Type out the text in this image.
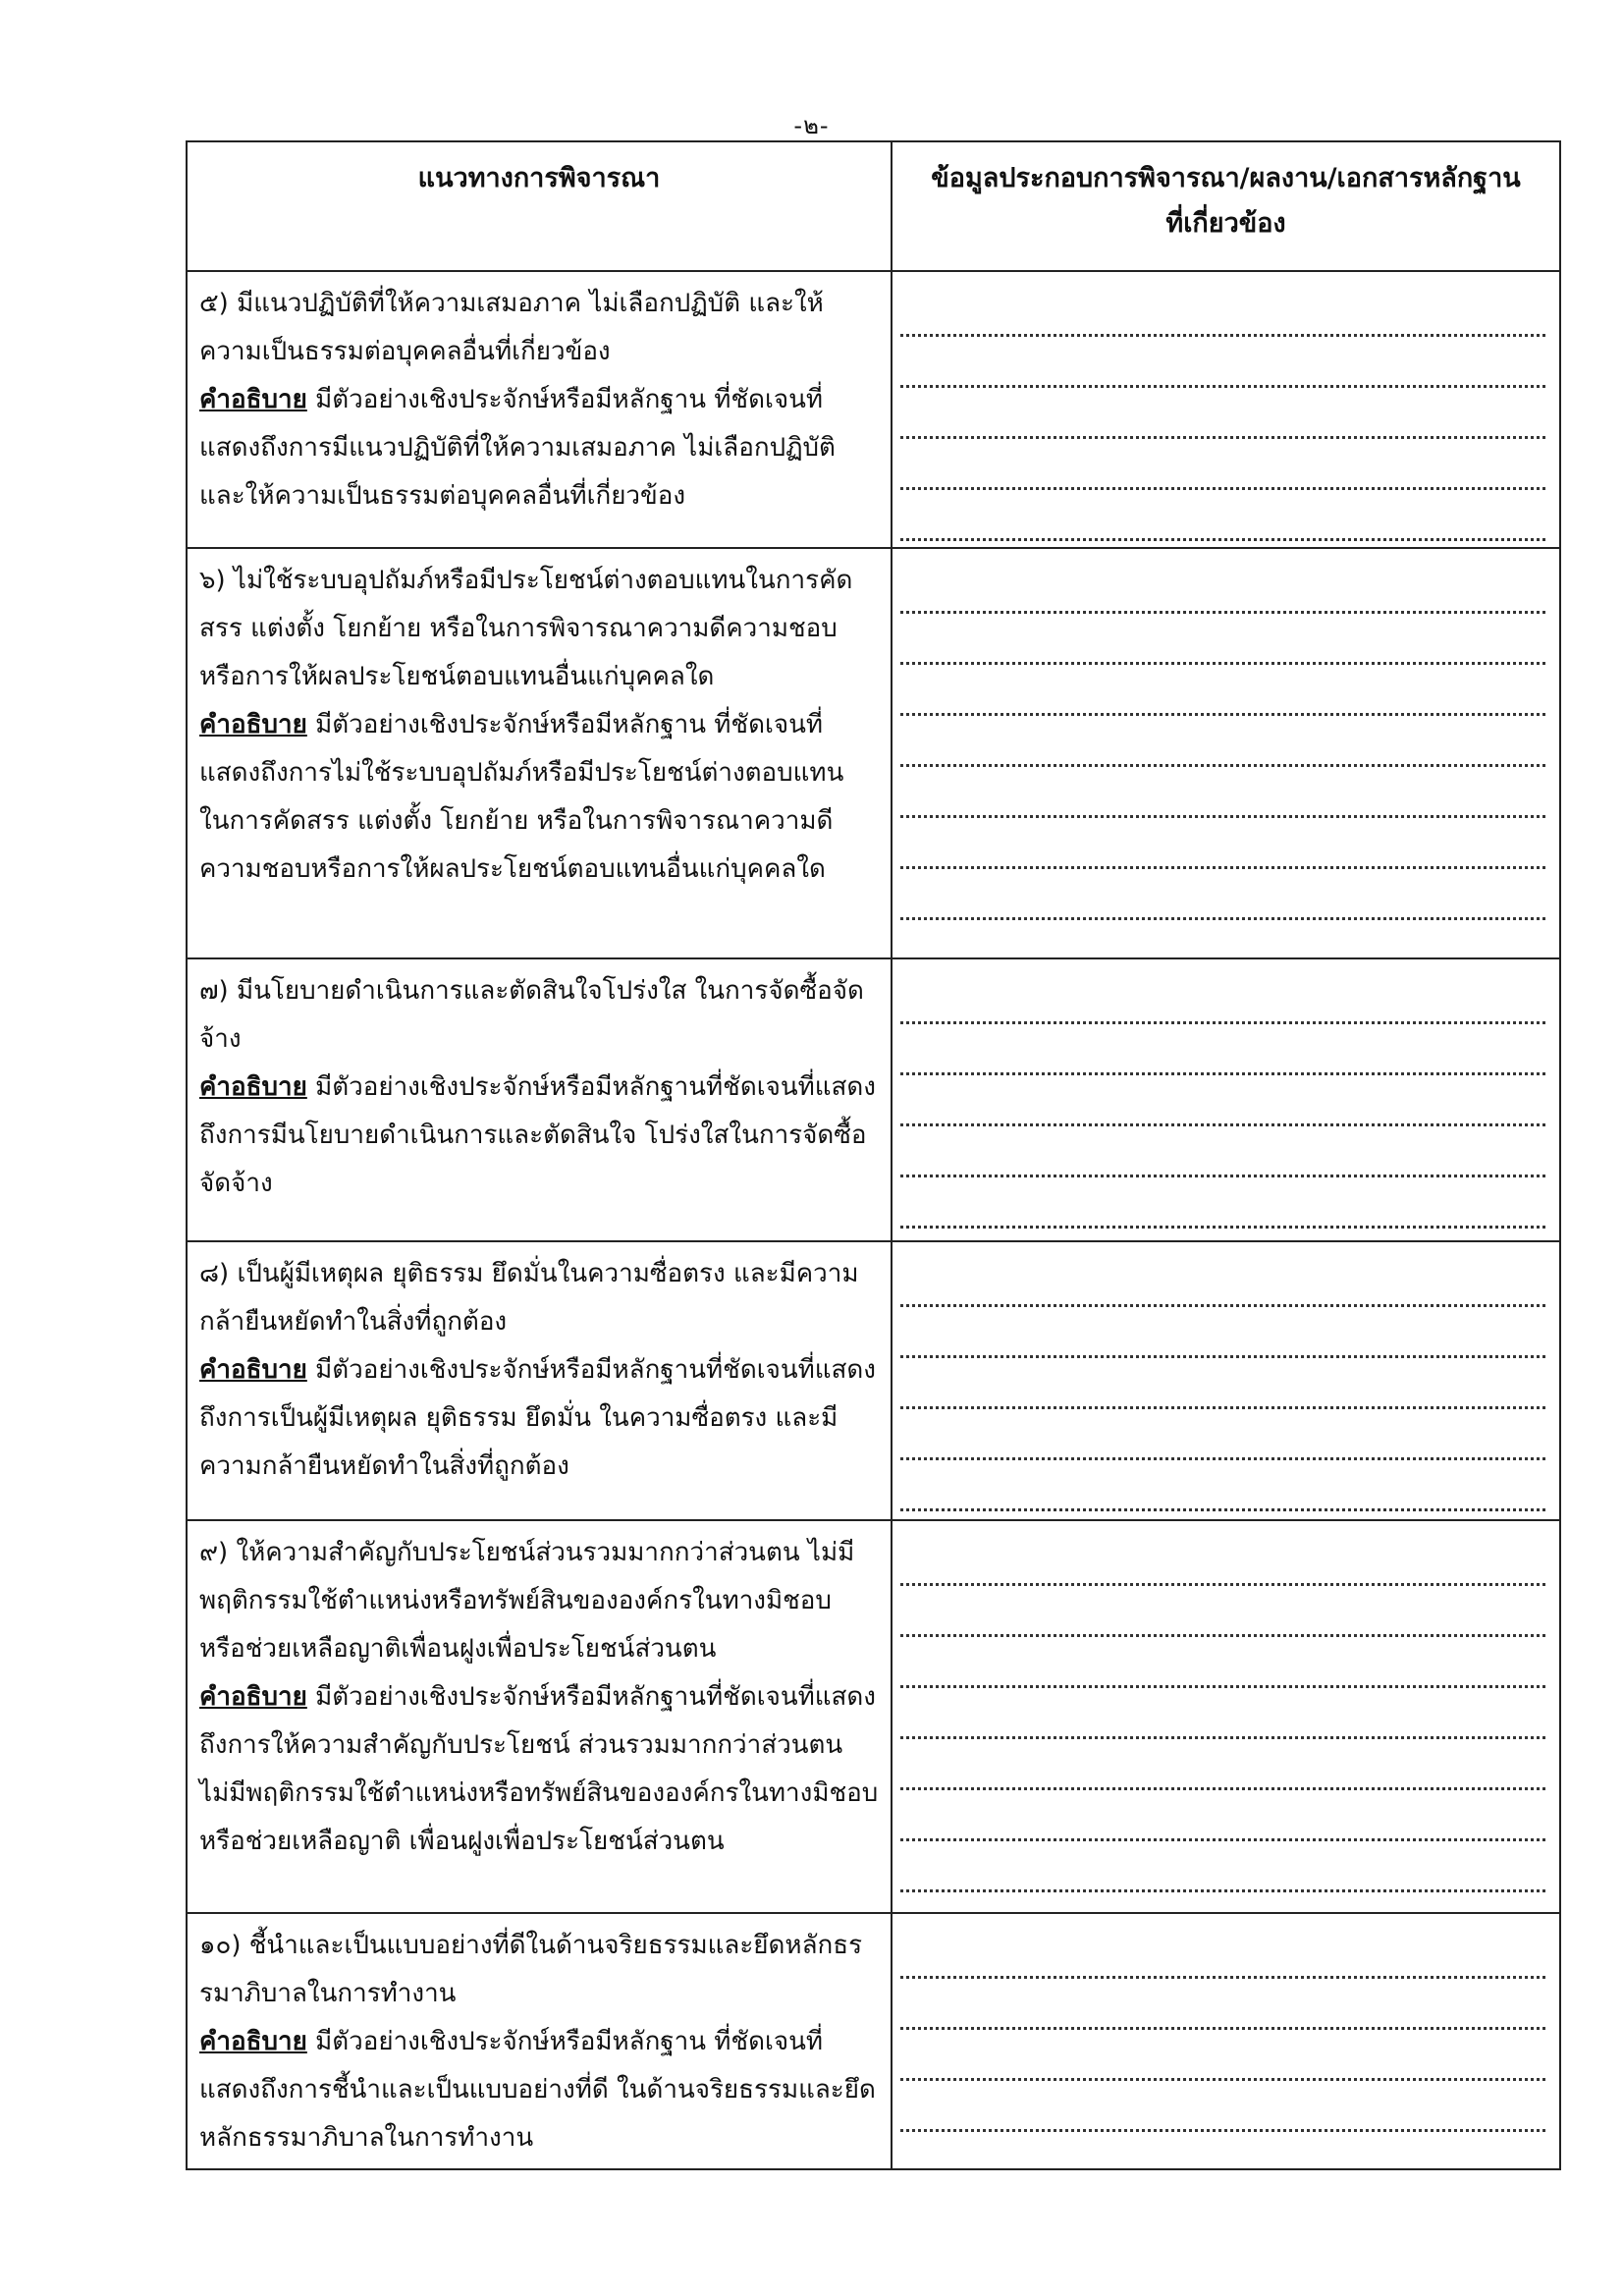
-๒-
แนวทางการพิจารณา	ข้อมูลประกอบการพิจารณา/ผลงาน/เอกสารหลักฐาน
ที่เกี่ยวข้อง

๕) มีแนวปฏิบัติที่ให้ความเสมอภาค ไม่เลือกปฏิบัติ และให้ความเป็นธรรมต่อบุคคลอื่นที่เกี่ยวข้อง

คำอธิบาย มีตัวอย่างเชิงประจักษ์หรือมีหลักฐาน ที่ชัดเจนที่แสดงถึงการมีแนวปฏิบัติที่ให้ความเสมอภาค ไม่เลือกปฏิบัติ และให้ความเป็นธรรมต่อบุคคลอื่นที่เกี่ยวข้อง	

๖) ไม่ใช้ระบบอุปถัมภ์หรือมีประโยชน์ต่างตอบแทนในการคัดสรร แต่งตั้ง โยกย้าย หรือในการพิจารณาความดีความชอบ หรือการให้ผลประโยชน์ตอบแทนอื่นแก่บุคคลใด

คำอธิบาย มีตัวอย่างเชิงประจักษ์หรือมีหลักฐาน ที่ชัดเจนที่แสดงถึงการไม่ใช้ระบบอุปถัมภ์หรือมีประโยชน์ต่างตอบแทน ในการคัดสรร แต่งตั้ง โยกย้าย หรือในการพิจารณาความดีความชอบหรือการให้ผลประโยชน์ตอบแทนอื่นแก่บุคคลใด	

๗) มีนโยบายดำเนินการและตัดสินใจโปร่งใส ในการจัดซื้อจัดจ้าง

คำอธิบาย มีตัวอย่างเชิงประจักษ์หรือมีหลักฐานที่ชัดเจนที่แสดงถึงการมีนโยบายดำเนินการและตัดสินใจ โปร่งใสในการจัดซื้อจัดจ้าง	

๘) เป็นผู้มีเหตุผล ยุติธรรม ยึดมั่นในความซื่อตรง และมีความกล้ายืนหยัดทำในสิ่งที่ถูกต้อง

คำอธิบาย มีตัวอย่างเชิงประจักษ์หรือมีหลักฐานที่ชัดเจนที่แสดงถึงการเป็นผู้มีเหตุผล ยุติธรรม ยึดมั่น ในความซื่อตรง และมีความกล้ายืนหยัดทำในสิ่งที่ถูกต้อง	

๙) ให้ความสำคัญกับประโยชน์ส่วนรวมมากกว่าส่วนตน ไม่มีพฤติกรรมใช้ตำแหน่งหรือทรัพย์สินขององค์กรในทางมิชอบ หรือช่วยเหลือญาติเพื่อนฝูงเพื่อประโยชน์ส่วนตน

คำอธิบาย มีตัวอย่างเชิงประจักษ์หรือมีหลักฐานที่ชัดเจนที่แสดงถึงการให้ความสำคัญกับประโยชน์ ส่วนรวมมากกว่าส่วนตน ไม่มีพฤติกรรมใช้ตำแหน่งหรือทรัพย์สินขององค์กรในทางมิชอบหรือช่วยเหลือญาติ เพื่อนฝูงเพื่อประโยชน์ส่วนตน	

๑๐) ชี้นำและเป็นแบบอย่างที่ดีในด้านจริยธรรมและยึดหลักธรรมาภิบาลในการทำงาน

คำอธิบาย มีตัวอย่างเชิงประจักษ์หรือมีหลักฐาน ที่ชัดเจนที่แสดงถึงการชี้นำและเป็นแบบอย่างที่ดี ในด้านจริยธรรมและยึดหลักธรรมาภิบาลในการทำงาน	
